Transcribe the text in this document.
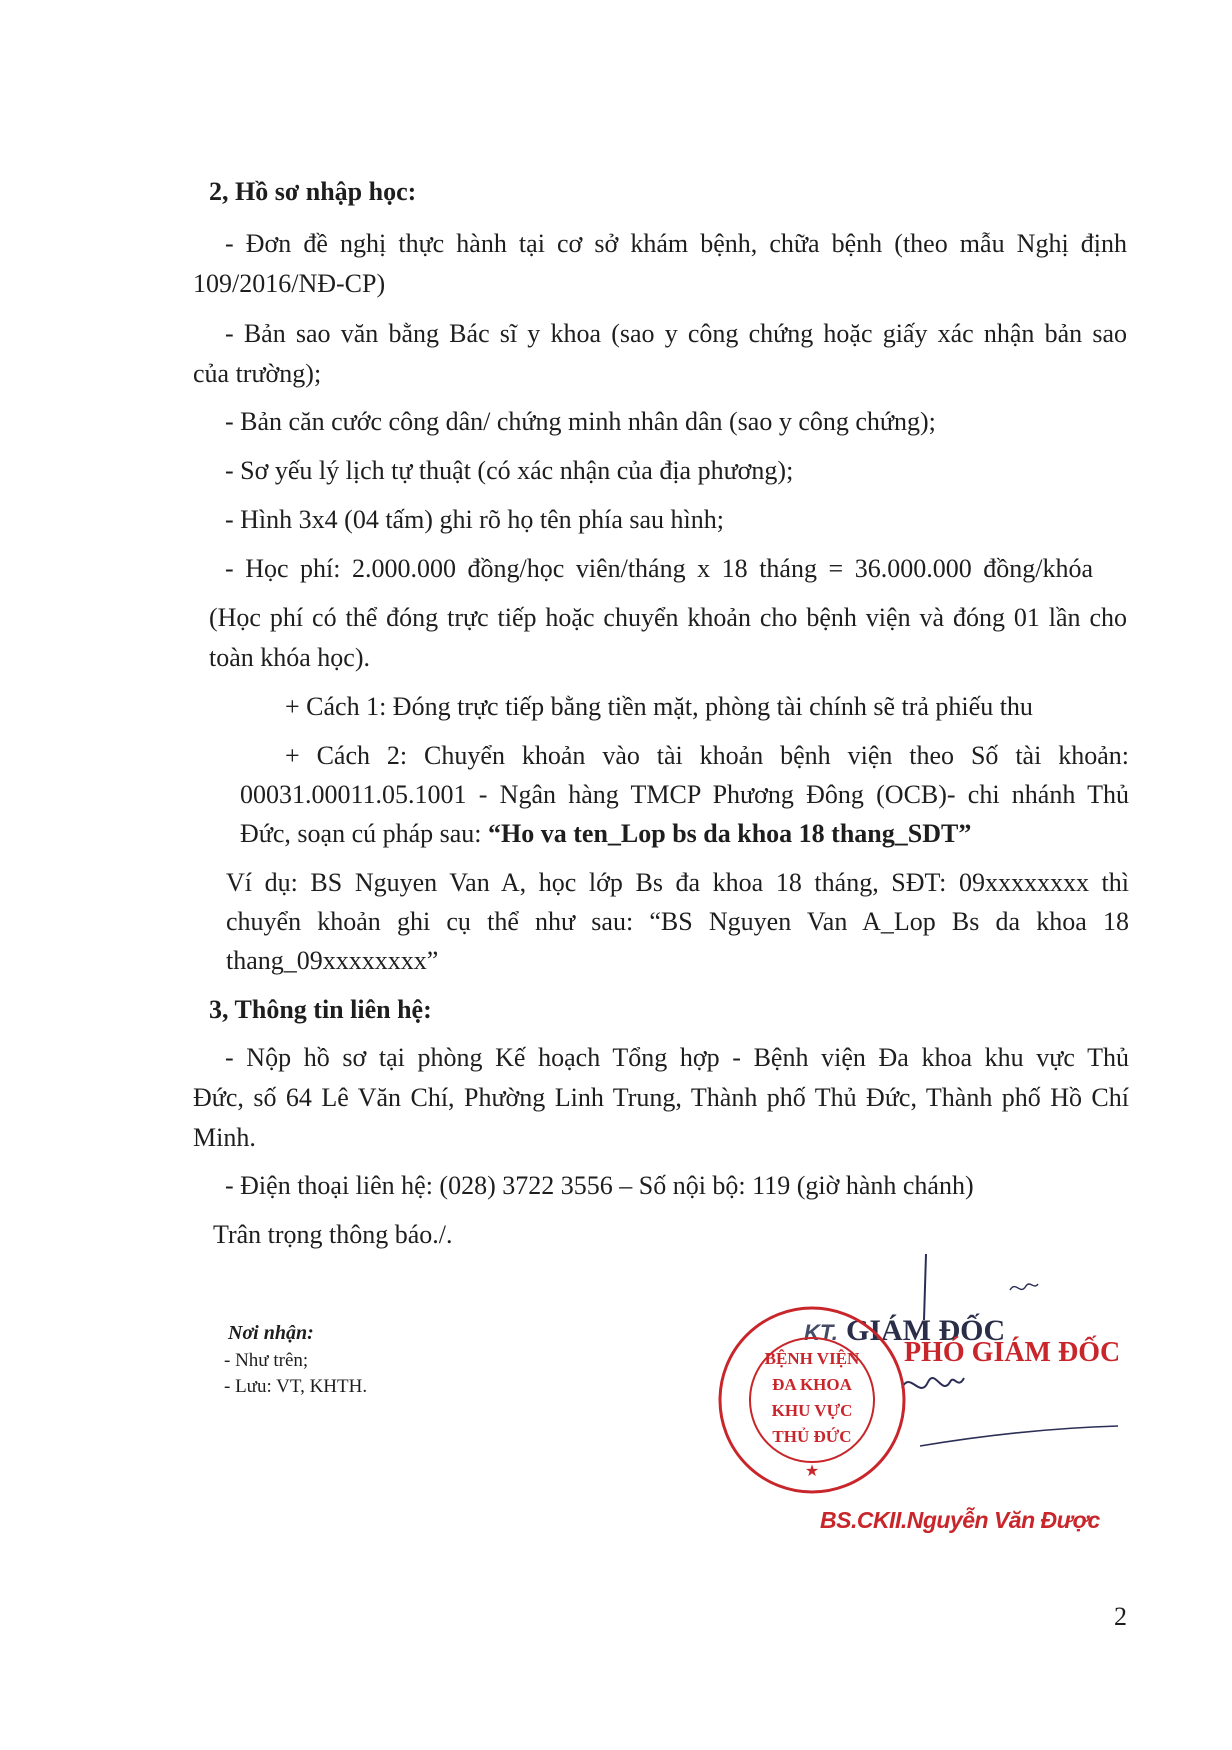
2, Hồ sơ nhập học:
- Đơn đề nghị thực hành tại cơ sở khám bệnh, chữa bệnh (theo mẫu Nghị định
109/2016/NĐ-CP)
- Bản sao văn bằng Bác sĩ y khoa (sao y công chứng hoặc giấy xác nhận bản sao
của trường);
- Bản căn cước công dân/ chứng minh nhân dân (sao y công chứng);
- Sơ yếu lý lịch tự thuật (có xác nhận của địa phương);
- Hình 3x4 (04 tấm) ghi rõ họ tên phía sau hình;
- Học phí: 2.000.000 đồng/học viên/tháng x 18 tháng = 36.000.000 đồng/khóa
(Học phí có thể đóng trực tiếp hoặc chuyển khoản cho bệnh viện và đóng 01 lần cho
toàn khóa học).
+ Cách 1: Đóng trực tiếp bằng tiền mặt, phòng tài chính sẽ trả phiếu thu
+ Cách 2: Chuyển khoản vào tài khoản bệnh viện theo Số tài khoản:
00031.00011.05.1001 - Ngân hàng TMCP Phương Đông (OCB)- chi nhánh Thủ
Đức, soạn cú pháp sau: “Ho va ten_Lop bs da khoa 18 thang_SDT”
Ví dụ: BS Nguyen Van A, học lớp Bs đa khoa 18 tháng, SĐT: 09xxxxxxxx thì
chuyển khoản ghi cụ thể như sau: “BS Nguyen Van A_Lop Bs da khoa 18
thang_09xxxxxxxx”
3, Thông tin liên hệ:
- Nộp hồ sơ tại phòng Kế hoạch Tổng hợp - Bệnh viện Đa khoa khu vực Thủ
Đức, số 64 Lê Văn Chí, Phường Linh Trung, Thành phố Thủ Đức, Thành phố Hồ Chí
Minh.
- Điện thoại liên hệ: (028) 3722 3556 – Số nội bộ: 119 (giờ hành chánh)
Trân trọng thông báo./.
Nơi nhận:
- Như trên;
- Lưu: VT, KHTH.
KT. GIÁM ĐỐC
PHÓ GIÁM ĐỐC
BỆNH VIỆN
ĐA KHOA
KHU VỰC
THỦ ĐỨC
★
BS.CKII.Nguyễn Văn Được
2
